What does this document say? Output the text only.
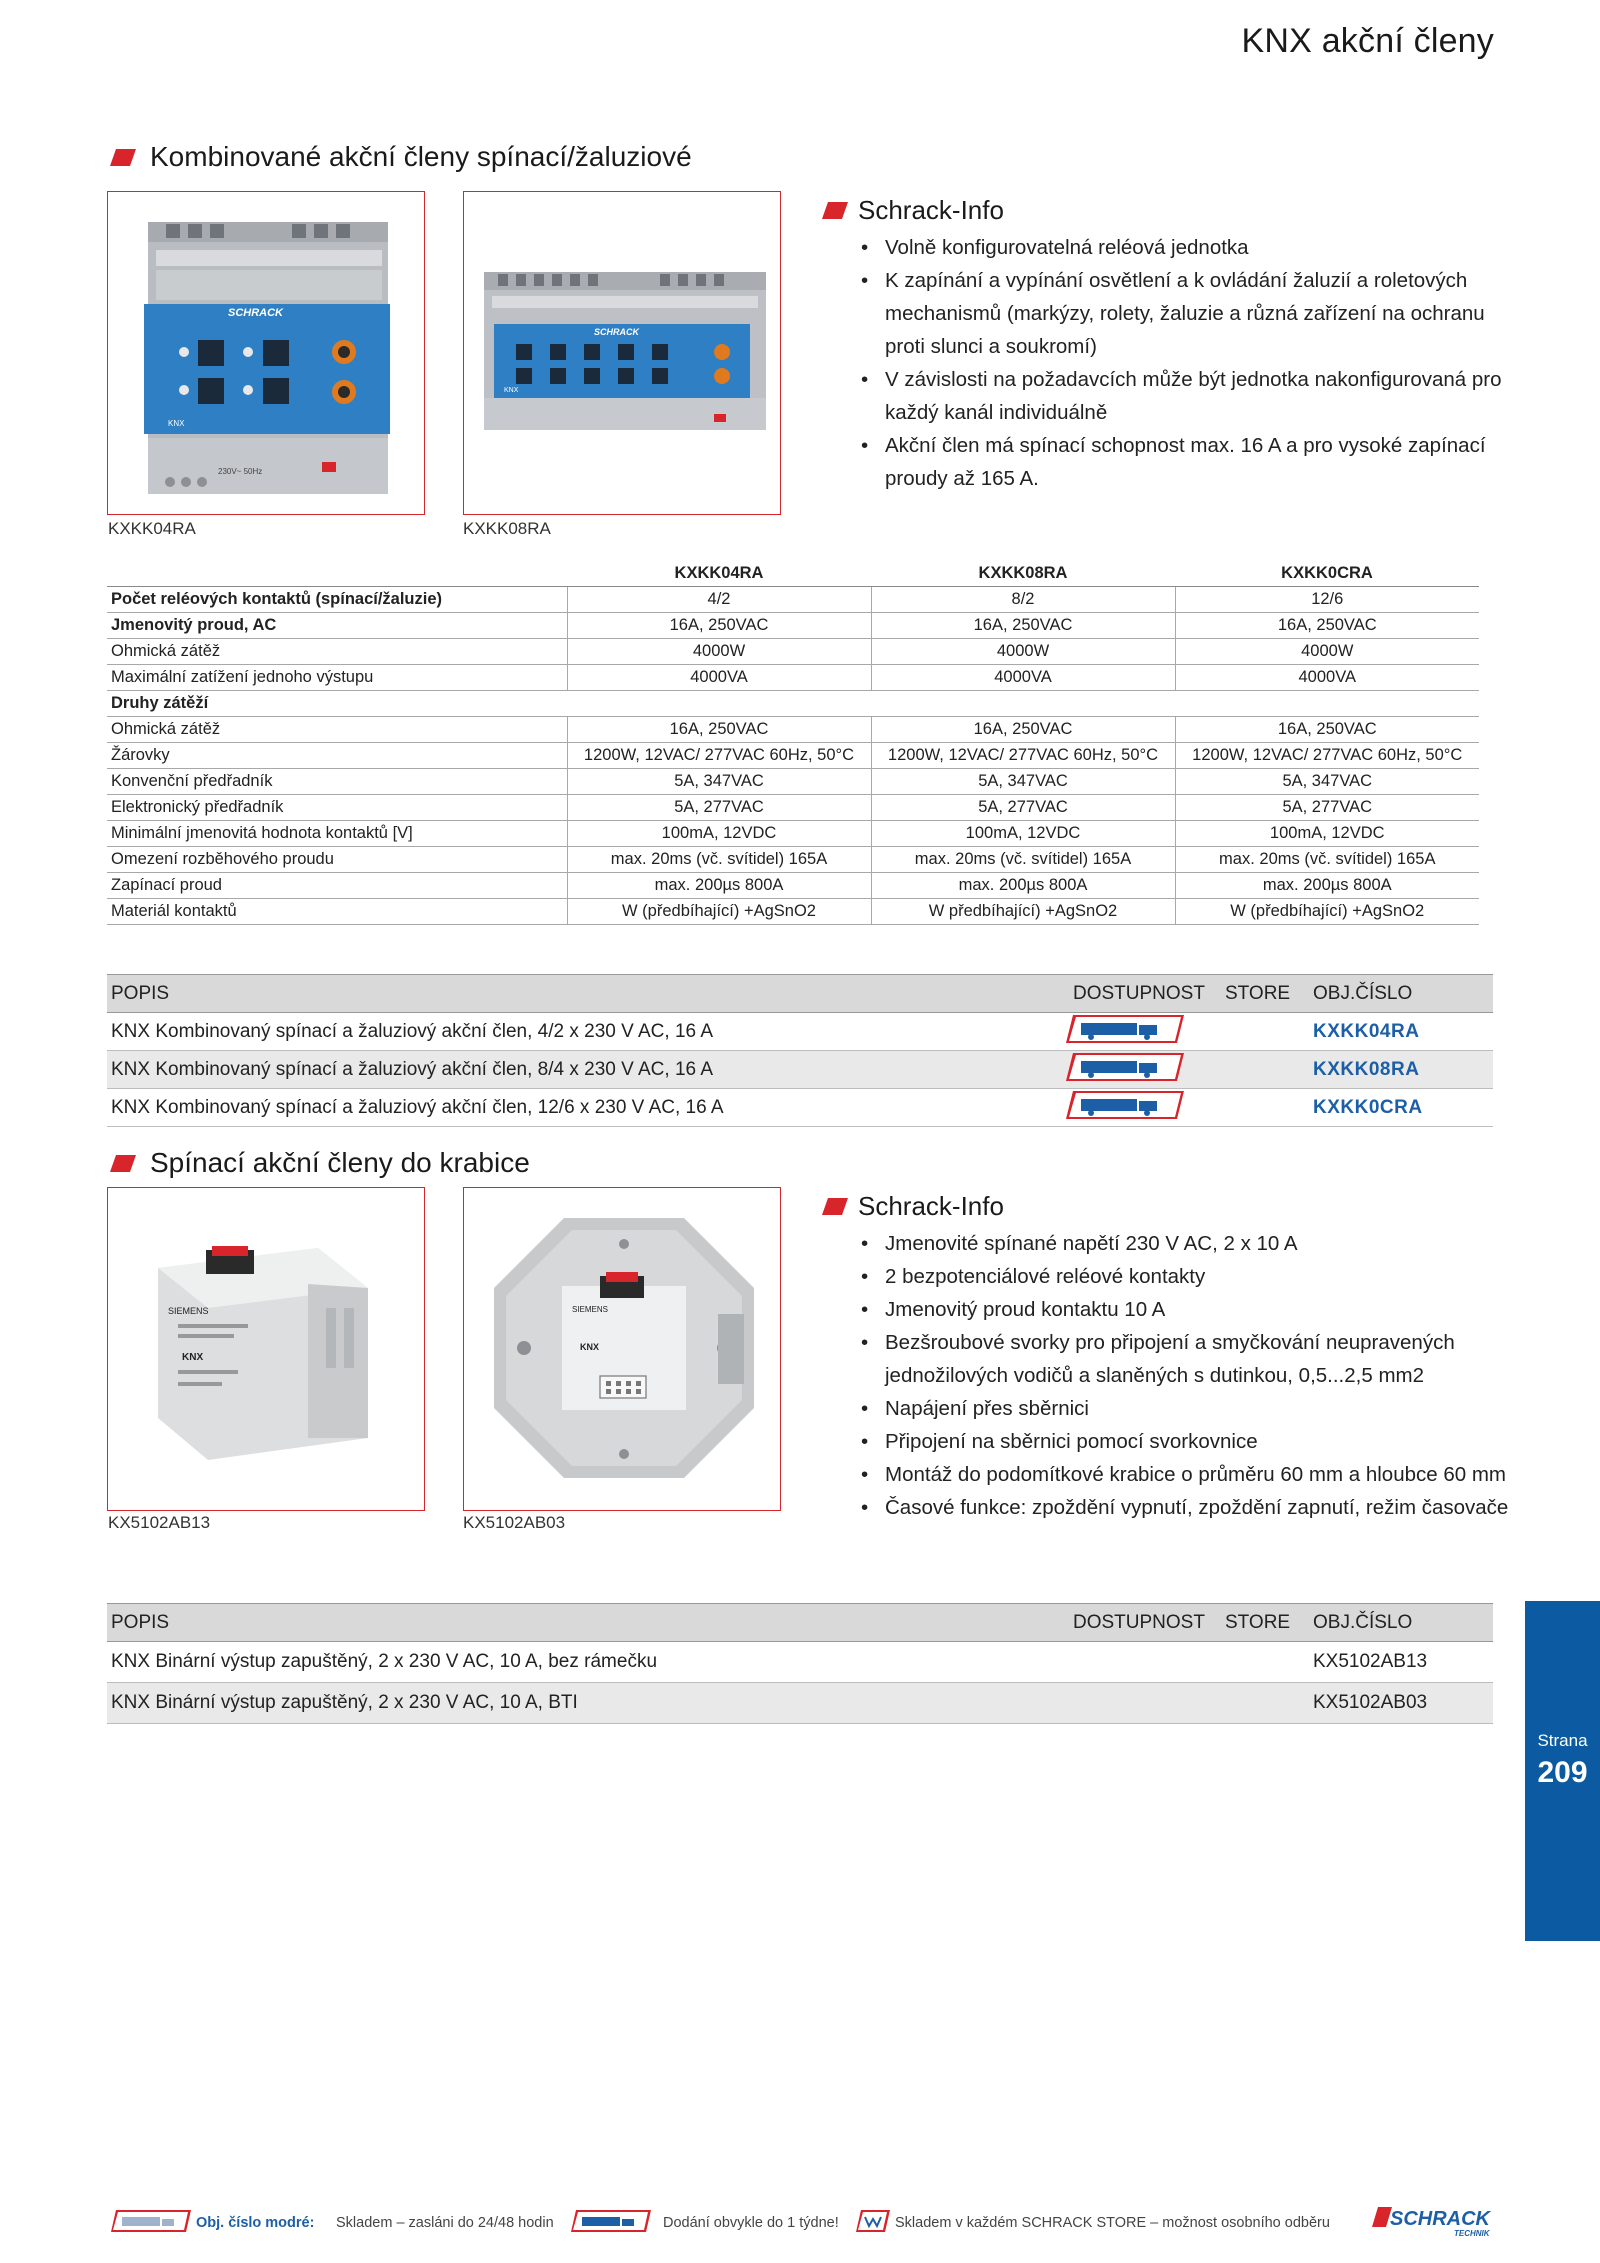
KNX akční členy
Kombinované akční členy spínací/žaluziové
SCHRACK
KNX
230V~ 50Hz
KXKK04RA
SCHRACK
KNX
KXKK08RA
Schrack-Info
• Volně konfigurovatelná reléová jednotka
• K zapínání a vypínání osvětlení a k ovládání žaluzií a roletových mechanismů (markýzy, rolety, žaluzie a různá zařízení na ochranu proti slunci a soukromí)
• V závislosti na požadavcích může být jednotka nakonfigurovaná pro každý kanál individuálně
• Akční člen má spínací schopnost max. 16 A a pro vysoké zapínací proudy až 165 A.
	KXKK04RA	KXKK08RA	KXKK0CRA
Počet reléových kontaktů (spínací/žaluzie)	4/2	8/2	12/6
Jmenovitý proud, AC	16A, 250VAC	16A, 250VAC	16A, 250VAC
Ohmická zátěž	4000W	4000W	4000W
Maximální zatížení jednoho výstupu	4000VA	4000VA	4000VA
Druhy zátěží			
Ohmická zátěž	16A, 250VAC	16A, 250VAC	16A, 250VAC
Žárovky	1200W, 12VAC/ 277VAC 60Hz, 50°C	1200W, 12VAC/ 277VAC 60Hz, 50°C	1200W, 12VAC/ 277VAC 60Hz, 50°C
Konvenční předřadník	5A, 347VAC	5A, 347VAC	5A, 347VAC
Elektronický předřadník	5A, 277VAC	5A, 277VAC	5A, 277VAC
Minimální jmenovitá hodnota kontaktů [V]	100mA, 12VDC	100mA, 12VDC	100mA, 12VDC
Omezení rozběhového proudu	max. 20ms (vč. svítidel) 165A	max. 20ms (vč. svítidel) 165A	max. 20ms (vč. svítidel) 165A
Zapínací proud	max. 200µs 800A	max. 200µs 800A	max. 200µs 800A
Materiál kontaktů	W (předbíhající) +AgSnO2	W předbíhající) +AgSnO2	W (předbíhající) +AgSnO2
POPIS	DOSTUPNOST	STORE	OBJ.ČÍSLO
KNX Kombinovaný spínací a žaluziový akční člen, 4/2 x 230 V AC, 16 A			KXKK04RA
KNX Kombinovaný spínací a žaluziový akční člen, 8/4 x 230 V AC, 16 A			KXKK08RA
KNX Kombinovaný spínací a žaluziový akční člen, 12/6 x 230 V AC, 16 A			KXKK0CRA
Spínací akční členy do krabice
SIEMENS
KNX
KX5102AB13
SIEMENS
KNX
KX5102AB03
Schrack-Info
• Jmenovité spínané napětí 230 V AC, 2 x 10 A
• 2 bezpotenciálové reléové kontakty
• Jmenovitý proud kontaktu 10 A
• Bezšroubové svorky pro připojení a smyčkování neupravených jednožilových vodičů a slaněných s dutinkou, 0,5...2,5 mm2
• Napájení přes sběrnici
• Připojení na sběrnici pomocí svorkovnice
• Montáž do podomítkové krabice o průměru 60 mm a hloubce 60 mm
• Časové funkce: zpoždění vypnutí, zpoždění zapnutí, režim časovače
POPIS	DOSTUPNOST	STORE	OBJ.ČÍSLO
KNX Binární výstup zapuštěný, 2 x 230 V AC, 10 A, bez rámečku			KX5102AB13
KNX Binární výstup zapuštěný, 2 x 230 V AC, 10 A, BTI			KX5102AB03
Strana
209
Obj. číslo modré: Skladem – zasláni do 24/48 hodin	Dodání obvykle do 1 týdne!	Skladem v každém SCHRACK STORE – možnost osobního odběru	SCHRACK
TECHNIK
